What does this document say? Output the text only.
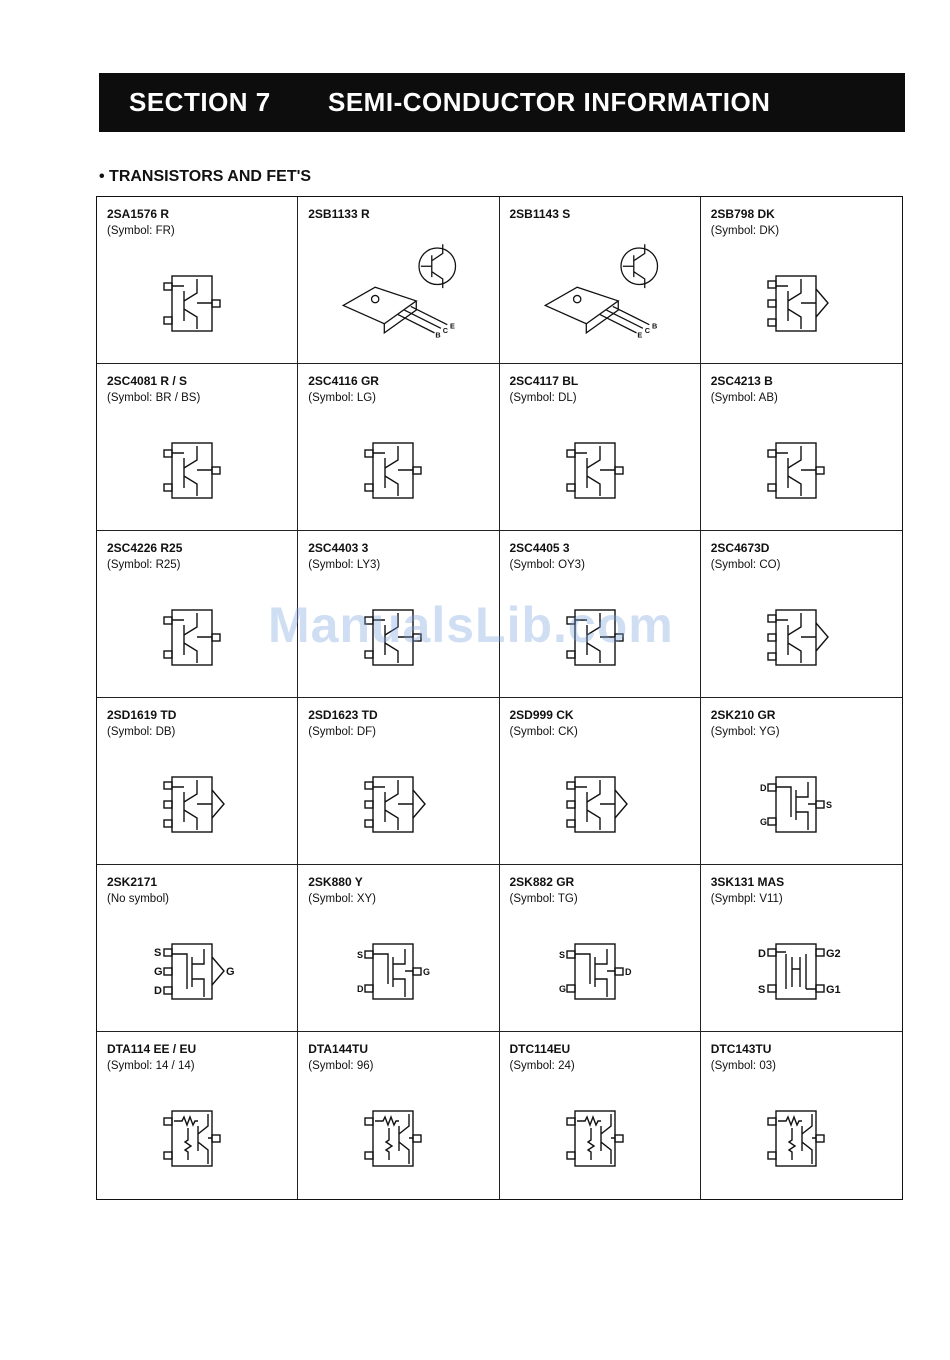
SECTION 7 SEMI-CONDUCTOR INFORMATION
• TRANSISTORS AND FET'S
2SA1576 R
(Symbol: FR)
2SB1133 R
B
C
E
2SB1143 S
E
C
B
2SB798 DK
(Symbol: DK)
2SC4081 R / S
(Symbol: BR / BS)
2SC4116 GR
(Symbol: LG)
2SC4117 BL
(Symbol: DL)
2SC4213 B
(Symbol: AB)
2SC4226 R25
(Symbol: R25)
2SC4403 3
(Symbol: LY3)
2SC4405 3
(Symbol: OY3)
2SC4673D
(Symbol: CO)
2SD1619 TD
(Symbol: DB)
2SD1623 TD
(Symbol: DF)
2SD999 CK
(Symbol: CK)
2SK210 GR
(Symbol: YG)
D
G
S
2SK2171
(No symbol)
S
G
D
G
2SK880 Y
(Symbol: XY)
S
D
G
2SK882 GR
(Symbol: TG)
S
G
D
3SK131 MAS
(Symbpl: V11)
D
S
G2
G1
DTA114 EE / EU
(Symbol: 14 / 14)
DTA144TU
(Symbol: 96)
DTC114EU
(Symbol: 24)
DTC143TU
(Symbol: 03)
ManualsLib.com
